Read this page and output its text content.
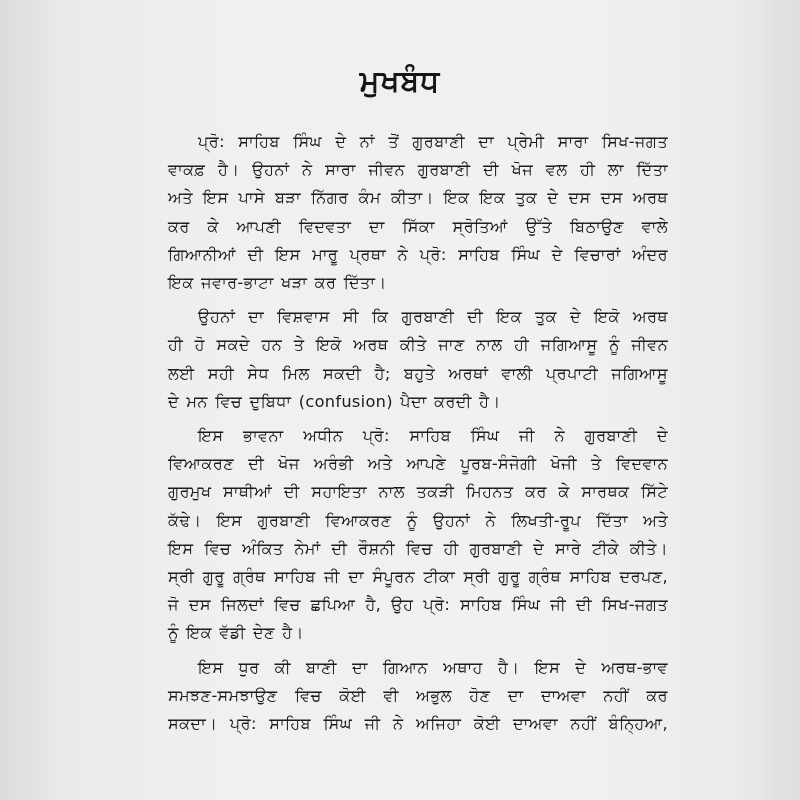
ਮੁਖਬੰਧ
ਪ੍ਰੋ: ਸਾਹਿਬ ਸਿੰਘ ਦੇ ਨਾਂ ਤੋਂ ਗੁਰਬਾਣੀ ਦਾ ਪ੍ਰੇਮੀ ਸਾਰਾ ਸਿਖ-ਜਗਤ
ਵਾਕਫ਼ ਹੈ। ਉਹਨਾਂ ਨੇ ਸਾਰਾ ਜੀਵਨ ਗੁਰਬਾਣੀ ਦੀ ਖੋਜ ਵਲ ਹੀ ਲਾ ਦਿੱਤਾ
ਅਤੇ ਇਸ ਪਾਸੇ ਬੜਾ ਨਿੱਗਰ ਕੰਮ ਕੀਤਾ। ਇਕ ਇਕ ਤੁਕ ਦੇ ਦਸ ਦਸ ਅਰਥ
ਕਰ ਕੇ ਆਪਣੀ ਵਿਦਵਤਾ ਦਾ ਸਿੱਕਾ ਸ੍ਰੋਤਿਆਂ ਉੱਤੇ ਬਿਠਾਉਣ ਵਾਲੇ
ਗਿਆਨੀਆਂ ਦੀ ਇਸ ਮਾਰੂ ਪ੍ਰਥਾ ਨੇ ਪ੍ਰੋ: ਸਾਹਿਬ ਸਿੰਘ ਦੇ ਵਿਚਾਰਾਂ ਅੰਦਰ
ਇਕ ਜਵਾਰ-ਭਾਟਾ ਖੜਾ ਕਰ ਦਿੱਤਾ।
ਉਹਨਾਂ ਦਾ ਵਿਸ਼ਵਾਸ ਸੀ ਕਿ ਗੁਰਬਾਣੀ ਦੀ ਇਕ ਤੁਕ ਦੇ ਇਕੋ ਅਰਥ
ਹੀ ਹੋ ਸਕਦੇ ਹਨ ਤੇ ਇਕੋ ਅਰਥ ਕੀਤੇ ਜਾਣ ਨਾਲ ਹੀ ਜਗਿਆਸੂ ਨੂੰ ਜੀਵਨ
ਲਈ ਸਹੀ ਸੇਧ ਮਿਲ ਸਕਦੀ ਹੈ; ਬਹੁਤੇ ਅਰਥਾਂ ਵਾਲੀ ਪ੍ਰਪਾਟੀ ਜਗਿਆਸੂ
ਦੇ ਮਨ ਵਿਚ ਦੁਬਿਧਾ (confusion) ਪੈਦਾ ਕਰਦੀ ਹੈ।
ਇਸ ਭਾਵਨਾ ਅਧੀਨ ਪ੍ਰੋ: ਸਾਹਿਬ ਸਿੰਘ ਜੀ ਨੇ ਗੁਰਬਾਣੀ ਦੇ
ਵਿਆਕਰਣ ਦੀ ਖੋਜ ਅਰੰਭੀ ਅਤੇ ਆਪਣੇ ਪੂਰਬ-ਸੰਜੋਗੀ ਖੋਜੀ ਤੇ ਵਿਦਵਾਨ
ਗੁਰਮੁਖ ਸਾਥੀਆਂ ਦੀ ਸਹਾਇਤਾ ਨਾਲ ਤਕੜੀ ਮਿਹਨਤ ਕਰ ਕੇ ਸਾਰਥਕ ਸਿੱਟੇ
ਕੱਢੇ। ਇਸ ਗੁਰਬਾਣੀ ਵਿਆਕਰਣ ਨੂੰ ਉਹਨਾਂ ਨੇ ਲਿਖਤੀ-ਰੂਪ ਦਿੱਤਾ ਅਤੇ
ਇਸ ਵਿਚ ਅੰਕਿਤ ਨੇਮਾਂ ਦੀ ਰੌਸ਼ਨੀ ਵਿਚ ਹੀ ਗੁਰਬਾਣੀ ਦੇ ਸਾਰੇ ਟੀਕੇ ਕੀਤੇ।
ਸ੍ਰੀ ਗੁਰੂ ਗ੍ਰੰਥ ਸਾਹਿਬ ਜੀ ਦਾ ਸੰਪੂਰਨ ਟੀਕਾ ਸ੍ਰੀ ਗੁਰੂ ਗ੍ਰੰਥ ਸਾਹਿਬ ਦਰਪਣ,
ਜੋ ਦਸ ਜਿਲਦਾਂ ਵਿਚ ਛਪਿਆ ਹੈ, ਉਹ ਪ੍ਰੋ: ਸਾਹਿਬ ਸਿੰਘ ਜੀ ਦੀ ਸਿਖ-ਜਗਤ
ਨੂੰ ਇਕ ਵੱਡੀ ਦੇਣ ਹੈ।
ਇਸ ਧੁਰ ਕੀ ਬਾਣੀ ਦਾ ਗਿਆਨ ਅਥਾਹ ਹੈ। ਇਸ ਦੇ ਅਰਥ-ਭਾਵ
ਸਮਝਣ-ਸਮਝਾਉਣ ਵਿਚ ਕੋਈ ਵੀ ਅਭੁਲ ਹੋਣ ਦਾ ਦਾਅਵਾ ਨਹੀਂ ਕਰ
ਸਕਦਾ। ਪ੍ਰੋ: ਸਾਹਿਬ ਸਿੰਘ ਜੀ ਨੇ ਅਜਿਹਾ ਕੋਈ ਦਾਅਵਾ ਨਹੀਂ ਬੰਨ੍ਹਿਆ,
